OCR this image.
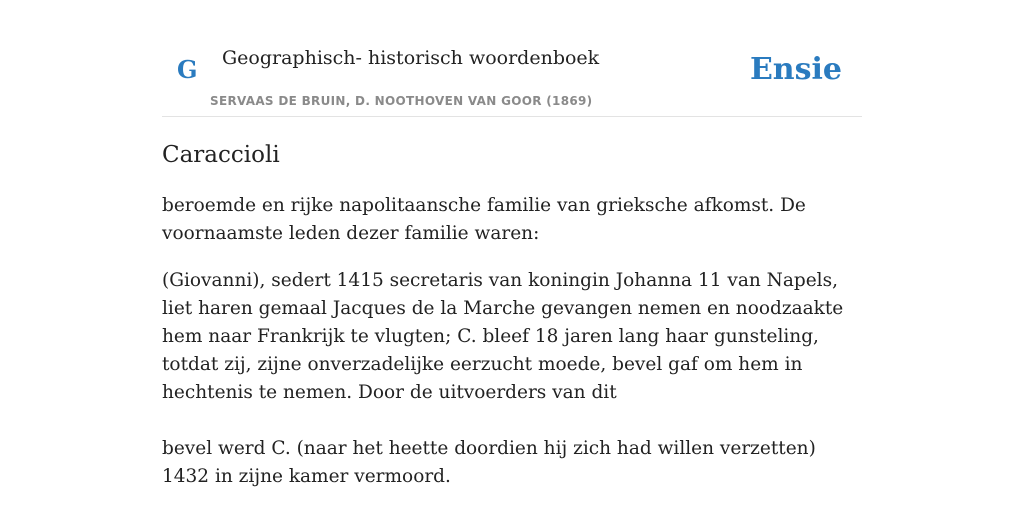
G Geographisch- historisch woordenboek
SERVAAS DE BRUIN, D. NOOTHOVEN VAN GOOR (1869)
Ensie
Caraccioli

beroemde en rijke napolitaansche familie van grieksche afkomst. De voornaamste leden dezer familie waren:

(Giovanni), sedert 1415 secretaris van koningin Johanna 11 van Napels, liet haren gemaal Jacques de la Marche gevangen nemen en noodzaakte hem naar Frankrijk te vlugten; C. bleef 18 jaren lang haar gunsteling, totdat zij, zijne onverzadelijke eerzucht moede, bevel gaf om hem in hechtenis te nemen. Door de uitvoerders van dit

bevel werd C. (naar het heette doordien hij zich had willen verzetten) 1432 in zijne kamer vermoord.
